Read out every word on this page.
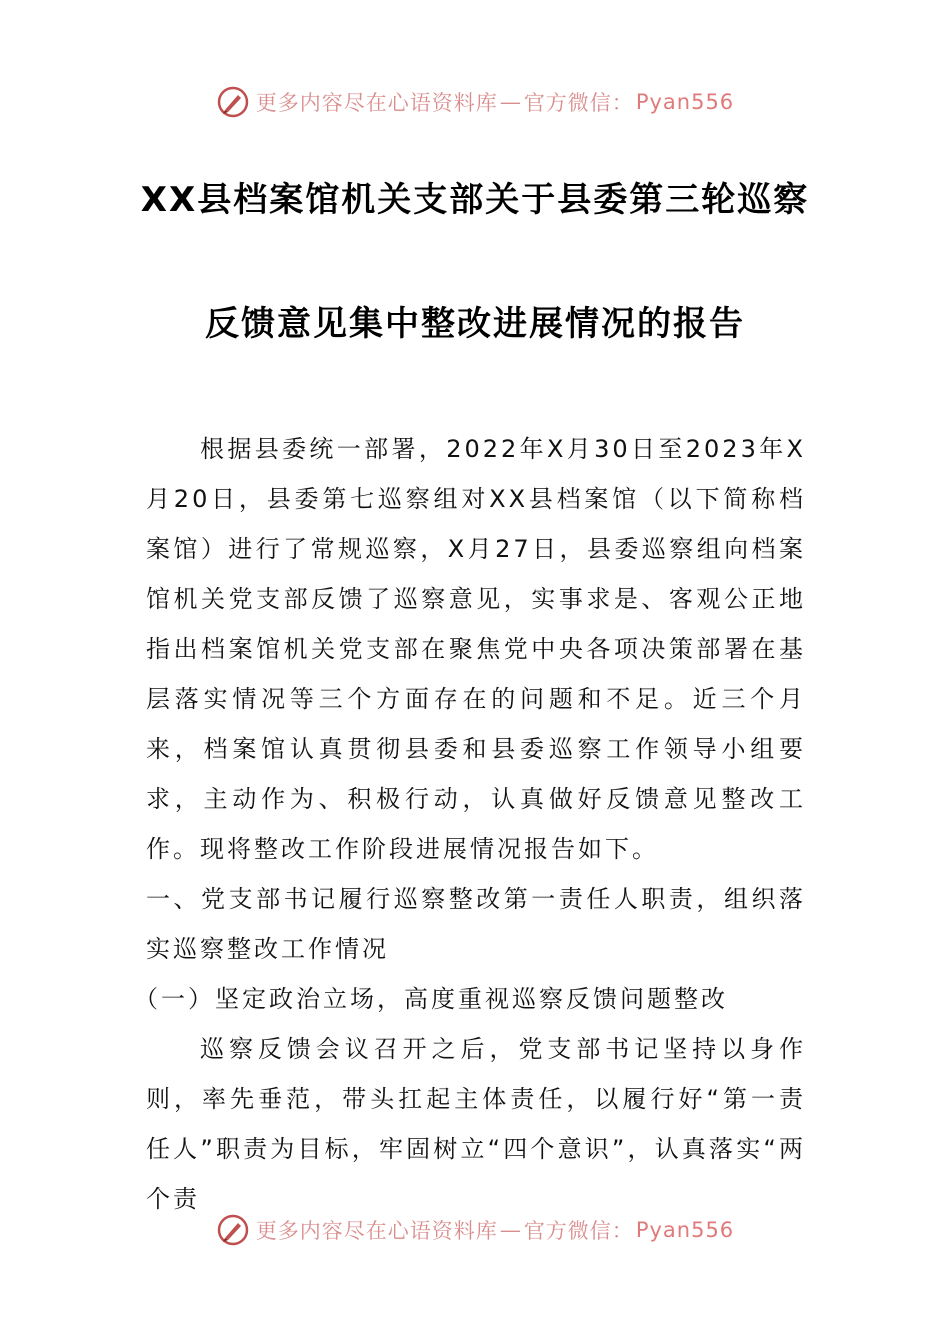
更多内容尽在心语资料库 — 官方微信： Pyan556
XX县档案馆机关支部关于县委第三轮巡察
反馈意见集中整改进展情况的报告

根据县委统一部署，2022年X月30日至2023年X月20日，县委第七巡察组对XX县档案馆（以下简称档案馆）进行了常规巡察，X月27日，县委巡察组向档案馆机关党支部反馈了巡察意见，实事求是、客观公正地指出档案馆机关党支部在聚焦党中央各项决策部署在基层落实情况等三个方面存在的问题和不足。近三个月来，档案馆认真贯彻县委和县委巡察工作领导小组要求，主动作为、积极行动，认真做好反馈意见整改工作。现将整改工作阶段进展情况报告如下。

一、党支部书记履行巡察整改第一责任人职责，组织落实巡察整改工作情况

（一）坚定政治立场，高度重视巡察反馈问题整改

巡察反馈会议召开之后，党支部书记坚持以身作则，率先垂范，带头扛起主体责任，以履行好“第一责任人”职责为目标，牢固树立“四个意识”，认真落实“两个责

更多内容尽在心语资料库 — 官方微信： Pyan556
